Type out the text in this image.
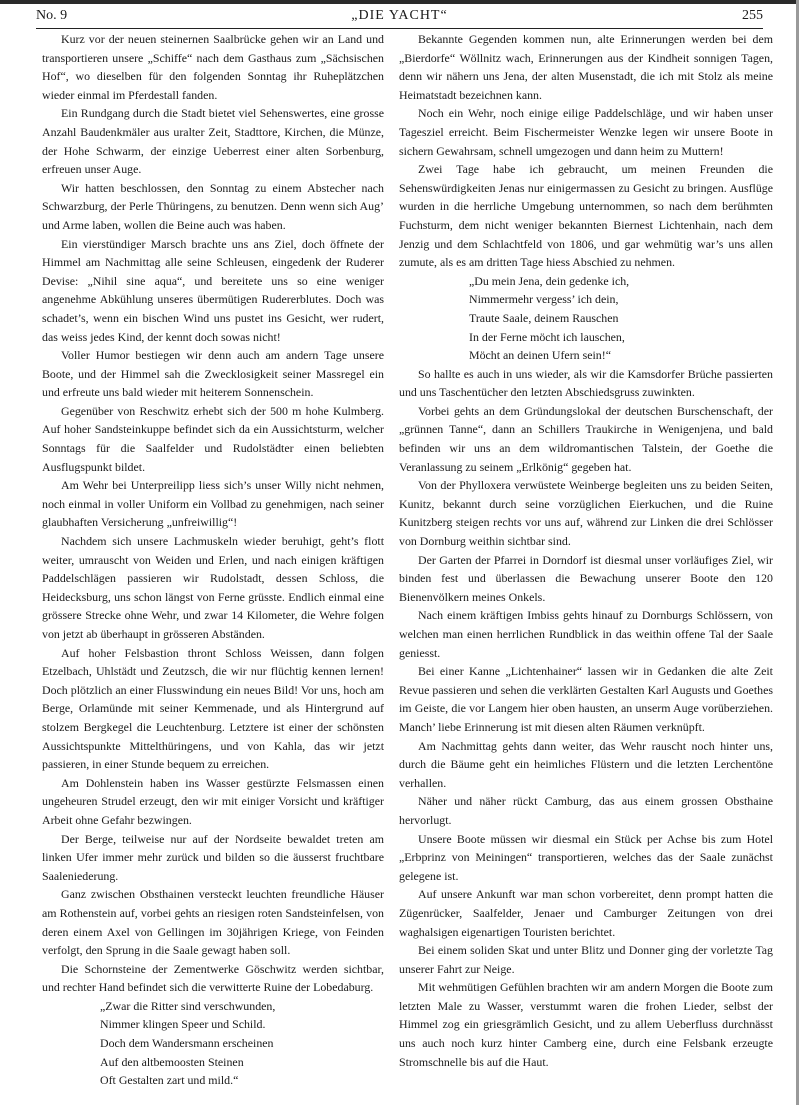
No. 9	„DIE YACHT“	255

Kurz vor der neuen steinernen Saalbrücke gehen wir an Land und transportieren unsere „Schiffe“ nach dem Gasthaus zum „Sächsischen Hof“, wo dieselben für den folgenden Sonntag ihr Ruheplätzchen wieder einmal im Pferdestall fanden.

Ein Rundgang durch die Stadt bietet viel Sehenswertes, eine grosse Anzahl Baudenkmäler aus uralter Zeit, Stadttore, Kirchen, die Münze, der Hohe Schwarm, der einzige Ueberrest einer alten Sorbenburg, erfreuen unser Auge.

Wir hatten beschlossen, den Sonntag zu einem Abstecher nach Schwarzburg, der Perle Thüringens, zu benutzen. Denn wenn sich Aug’ und Arme laben, wollen die Beine auch was haben.

Ein vierstündiger Marsch brachte uns ans Ziel, doch öffnete der Himmel am Nachmittag alle seine Schleusen, eingedenk der Ruderer Devise: „Nihil sine aqua“, und bereitete uns so eine weniger angenehme Abkühlung unseres übermütigen Rudererblutes. Doch was schadet’s, wenn ein bischen Wind uns pustet ins Gesicht, wer rudert, das weiss jedes Kind, der kennt doch sowas nicht!

Voller Humor bestiegen wir denn auch am andern Tage unsere Boote, und der Himmel sah die Zwecklosigkeit seiner Massregel ein und erfreute uns bald wieder mit heiterem Sonnenschein.

Gegenüber von Reschwitz erhebt sich der 500 m hohe Kulmberg. Auf hoher Sandsteinkuppe befindet sich da ein Aussichtsturm, welcher Sonntags für die Saalfelder und Rudolstädter einen beliebten Ausflugspunkt bildet.

Am Wehr bei Unterpreilipp liess sich’s unser Willy nicht nehmen, noch einmal in voller Uniform ein Vollbad zu genehmigen, nach seiner glaubhaften Versicherung „unfreiwillig“!

Nachdem sich unsere Lachmuskeln wieder beruhigt, geht’s flott weiter, umrauscht von Weiden und Erlen, und nach einigen kräftigen Paddelschlägen passieren wir Rudolstadt, dessen Schloss, die Heidecksburg, uns schon längst von Ferne grüsste. Endlich einmal eine grössere Strecke ohne Wehr, und zwar 14 Kilometer, die Wehre folgen von jetzt ab überhaupt in grösseren Abständen.

Auf hoher Felsbastion thront Schloss Weissen, dann folgen Etzelbach, Uhlstädt und Zeutzsch, die wir nur flüchtig kennen lernen! Doch plötzlich an einer Flusswindung ein neues Bild! Vor uns, hoch am Berge, Orlamünde mit seiner Kemmenade, und als Hintergrund auf stolzem Bergkegel die Leuchtenburg. Letztere ist einer der schönsten Aussichtspunkte Mittelthüringens, und von Kahla, das wir jetzt passieren, in einer Stunde bequem zu erreichen.

Am Dohlenstein haben ins Wasser gestürzte Felsmassen einen ungeheuren Strudel erzeugt, den wir mit einiger Vorsicht und kräftiger Arbeit ohne Gefahr bezwingen.

Der Berge, teilweise nur auf der Nordseite bewaldet treten am linken Ufer immer mehr zurück und bilden so die äusserst fruchtbare Saaleniederung.

Ganz zwischen Obsthainen versteckt leuchten freundliche Häuser am Rothenstein auf, vorbei gehts an riesigen roten Sandsteinfelsen, von deren einem Axel von Gellingen im 30jährigen Kriege, von Feinden verfolgt, den Sprung in die Saale gewagt haben soll.

Die Schornsteine der Zementwerke Göschwitz werden sichtbar, und rechter Hand befindet sich die verwitterte Ruine der Lobedaburg.

„Zwar die Ritter sind verschwunden,
Nimmer klingen Speer und Schild.
Doch dem Wandersmann erscheinen
Auf den altbemoosten Steinen
Oft Gestalten zart und mild.“

Bekannte Gegenden kommen nun, alte Erinnerungen werden bei dem „Bierdorfe“ Wöllnitz wach, Erinnerungen aus der Kindheit sonnigen Tagen, denn wir nähern uns Jena, der alten Musenstadt, die ich mit Stolz als meine Heimatstadt bezeichnen kann.

Noch ein Wehr, noch einige eilige Paddelschläge, und wir haben unser Tagesziel erreicht. Beim Fischermeister Wenzke legen wir unsere Boote in sichern Gewahrsam, schnell umgezogen und dann heim zu Muttern!

Zwei Tage habe ich gebraucht, um meinen Freunden die Sehenswürdigkeiten Jenas nur einigermassen zu Gesicht zu bringen. Ausflüge wurden in die herrliche Umgebung unternommen, so nach dem berühmten Fuchsturm, dem nicht weniger bekannten Biernest Lichtenhain, nach dem Jenzig und dem Schlachtfeld von 1806, und gar wehmütig war’s uns allen zumute, als es am dritten Tage hiess Abschied zu nehmen.

„Du mein Jena, dein gedenke ich,
Nimmermehr vergess’ ich dein,
Traute Saale, deinem Rauschen
In der Ferne möcht ich lauschen,
Möcht an deinen Ufern sein!“

So hallte es auch in uns wieder, als wir die Kamsdorfer Brüche passierten und uns Taschentücher den letzten Abschiedsgruss zuwinkten.

Vorbei gehts an dem Gründungslokal der deutschen Burschenschaft, der „grünnen Tanne“, dann an Schillers Traukirche in Wenigenjena, und bald befinden wir uns an dem wildromantischen Talstein, der Goethe die Veranlassung zu seinem „Erlkönig“ gegeben hat.

Von der Phylloxera verwüstete Weinberge begleiten uns zu beiden Seiten, Kunitz, bekannt durch seine vorzüglichen Eierkuchen, und die Ruine Kunitzberg steigen rechts vor uns auf, während zur Linken die drei Schlösser von Dornburg weithin sichtbar sind.

Der Garten der Pfarrei in Dorndorf ist diesmal unser vorläufiges Ziel, wir binden fest und überlassen die Bewachung unserer Boote den 120 Bienenvölkern meines Onkels.

Nach einem kräftigen Imbiss gehts hinauf zu Dornburgs Schlössern, von welchen man einen herrlichen Rundblick in das weithin offene Tal der Saale geniesst.

Bei einer Kanne „Lichtenhainer“ lassen wir in Gedanken die alte Zeit Revue passieren und sehen die verklärten Gestalten Karl Augusts und Goethes im Geiste, die vor Langem hier oben hausten, an unserm Auge vorüberziehen. Manch’ liebe Erinnerung ist mit diesen alten Räumen verknüpft.

Am Nachmittag gehts dann weiter, das Wehr rauscht noch hinter uns, durch die Bäume geht ein heimliches Flüstern und die letzten Lerchentöne verhallen.

Näher und näher rückt Camburg, das aus einem grossen Obsthaine hervorlugt.

Unsere Boote müssen wir diesmal ein Stück per Achse bis zum Hotel „Erbprinz von Meiningen“ transportieren, welches das der Saale zunächst gelegene ist.

Auf unsere Ankunft war man schon vorbereitet, denn prompt hatten die Zügenrücker, Saalfelder, Jenaer und Camburger Zeitungen von drei waghalsigen eigenartigen Touristen berichtet.

Bei einem soliden Skat und unter Blitz und Donner ging der vorletzte Tag unserer Fahrt zur Neige.

Mit wehmütigen Gefühlen brachten wir am andern Morgen die Boote zum letzten Male zu Wasser, verstummt waren die frohen Lieder, selbst der Himmel zog ein griesgrämlich Gesicht, und zu allem Ueberfluss durchnässt uns auch noch kurz hinter Camberg eine, durch eine Felsbank erzeugte Stromschnelle bis auf die Haut.
